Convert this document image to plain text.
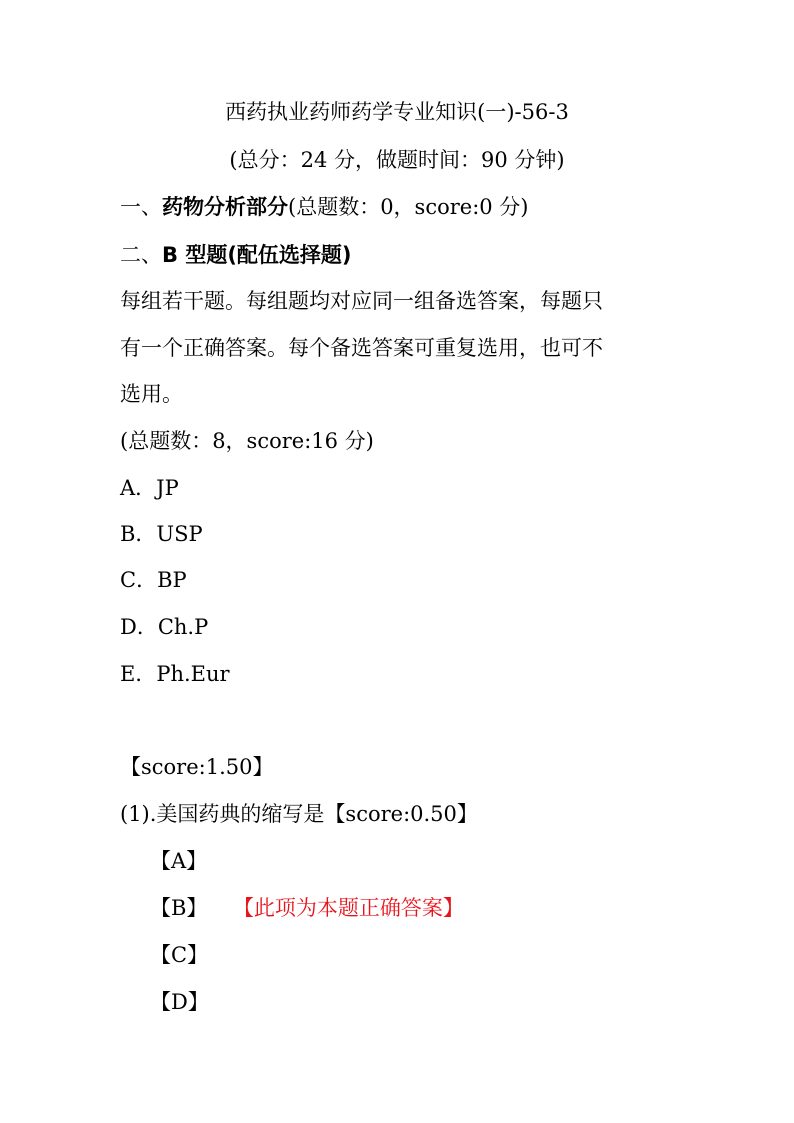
西药执业药师药学专业知识(一)-56-3
(总分：24 分，做题时间：90 分钟)
一、药物分析部分(总题数：0，score:0 分)
二、B 型题(配伍选择题)
每组若干题。每组题均对应同一组备选答案，每题只
有一个正确答案。每个备选答案可重复选用，也可不
选用。
(总题数：8，score:16 分)
A．JP
B．USP
C．BP
D．Ch.P
E．Ph.Eur
【score:1.50】
(1).美国药典的缩写是【score:0.50】
【A】
【B】 【此项为本题正确答案】
【C】
【D】
